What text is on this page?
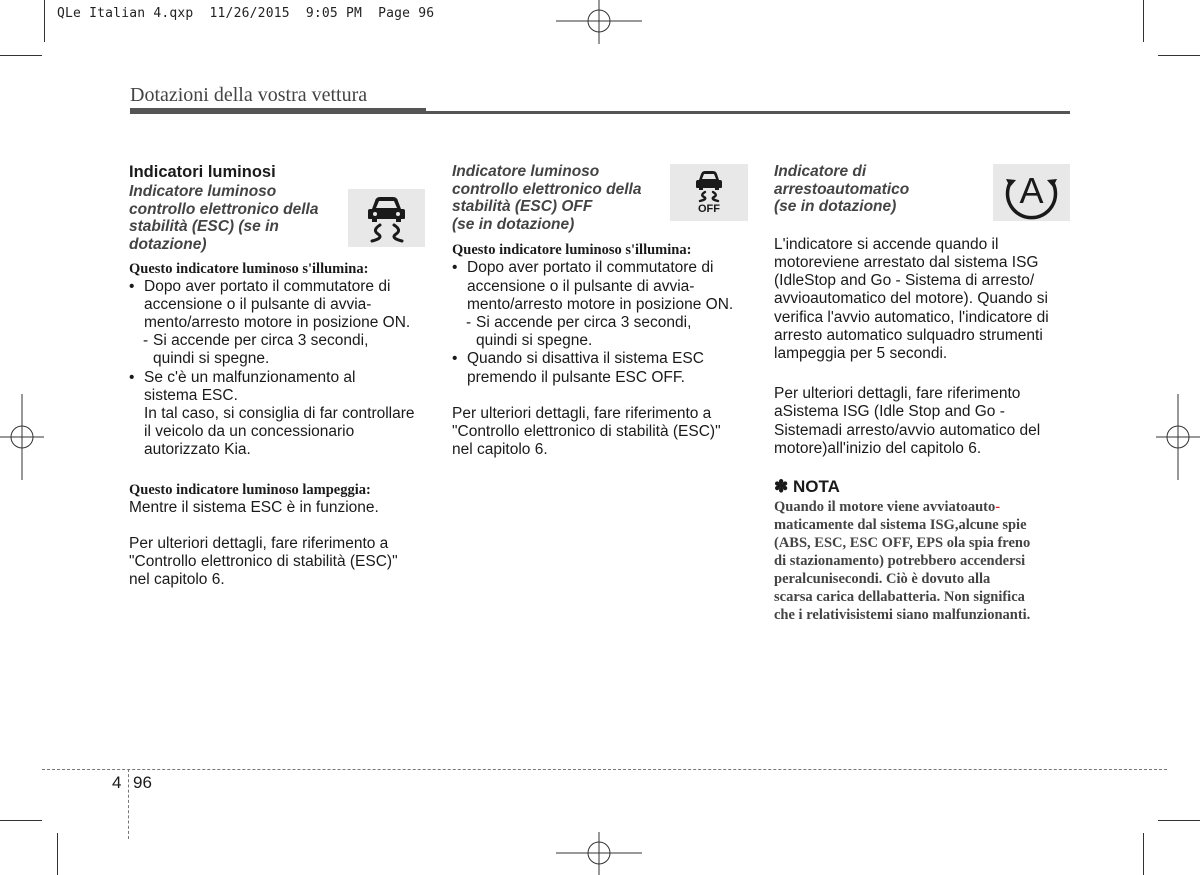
QLe Italian 4.qxp  11/26/2015  9:05 PM  Page 96
Dotazioni della vostra vettura
Indicatori luminosi
Indicatore luminoso
controllo elettronico della
stabilità (ESC) (se in
dotazione)
Questo indicatore luminoso s'illumina:
• Dopo aver portato il commutatore di
accensione o il pulsante di avvia-
mento/arresto motore in posizione ON.
- Si accende per circa 3 secondi,
quindi si spegne.
• Se c'è un malfunzionamento al
sistema ESC.
In tal caso, si consiglia di far controllare
il veicolo da un concessionario
autorizzato Kia.
Questo indicatore luminoso lampeggia:
Mentre il sistema ESC è in funzione.
Per ulteriori dettagli, fare riferimento a
"Controllo elettronico di stabilità (ESC)"
nel capitolo 6.
Indicatore luminoso
controllo elettronico della
stabilità (ESC) OFF
(se in dotazione)
Questo indicatore luminoso s'illumina:
• Dopo aver portato il commutatore di
accensione o il pulsante di avvia-
mento/arresto motore in posizione ON.
- Si accende per circa 3 secondi,
quindi si spegne.
• Quando si disattiva il sistema ESC
premendo il pulsante ESC OFF.
Per ulteriori dettagli, fare riferimento a
"Controllo elettronico di stabilità (ESC)"
nel capitolo 6.
OFF
Indicatore di
arrestoautomatico
(se in dotazione)
L'indicatore si accende quando il
motoreviene arrestato dal sistema ISG
(IdleStop and Go - Sistema di arresto/
avvioautomatico del motore). Quando si
verifica l'avvio automatico, l'indicatore di
arresto automatico sulquadro strumenti
lampeggia per 5 secondi.
Per ulteriori dettagli, fare riferimento
aSistema ISG (Idle Stop and Go -
Sistemadi arresto/avvio automatico del
motore)all'inizio del capitolo 6.
✽ NOTA
Quando il motore viene avviatoauto-
maticamente dal sistema ISG,alcune spie
(ABS, ESC, ESC OFF, EPS ola spia freno
di stazionamento) potrebbero accendersi
peralcunisecondi. Ciò è dovuto alla
scarsa carica dellabatteria. Non significa
che i relativisistemi siano malfunzionanti.
A
4 96
